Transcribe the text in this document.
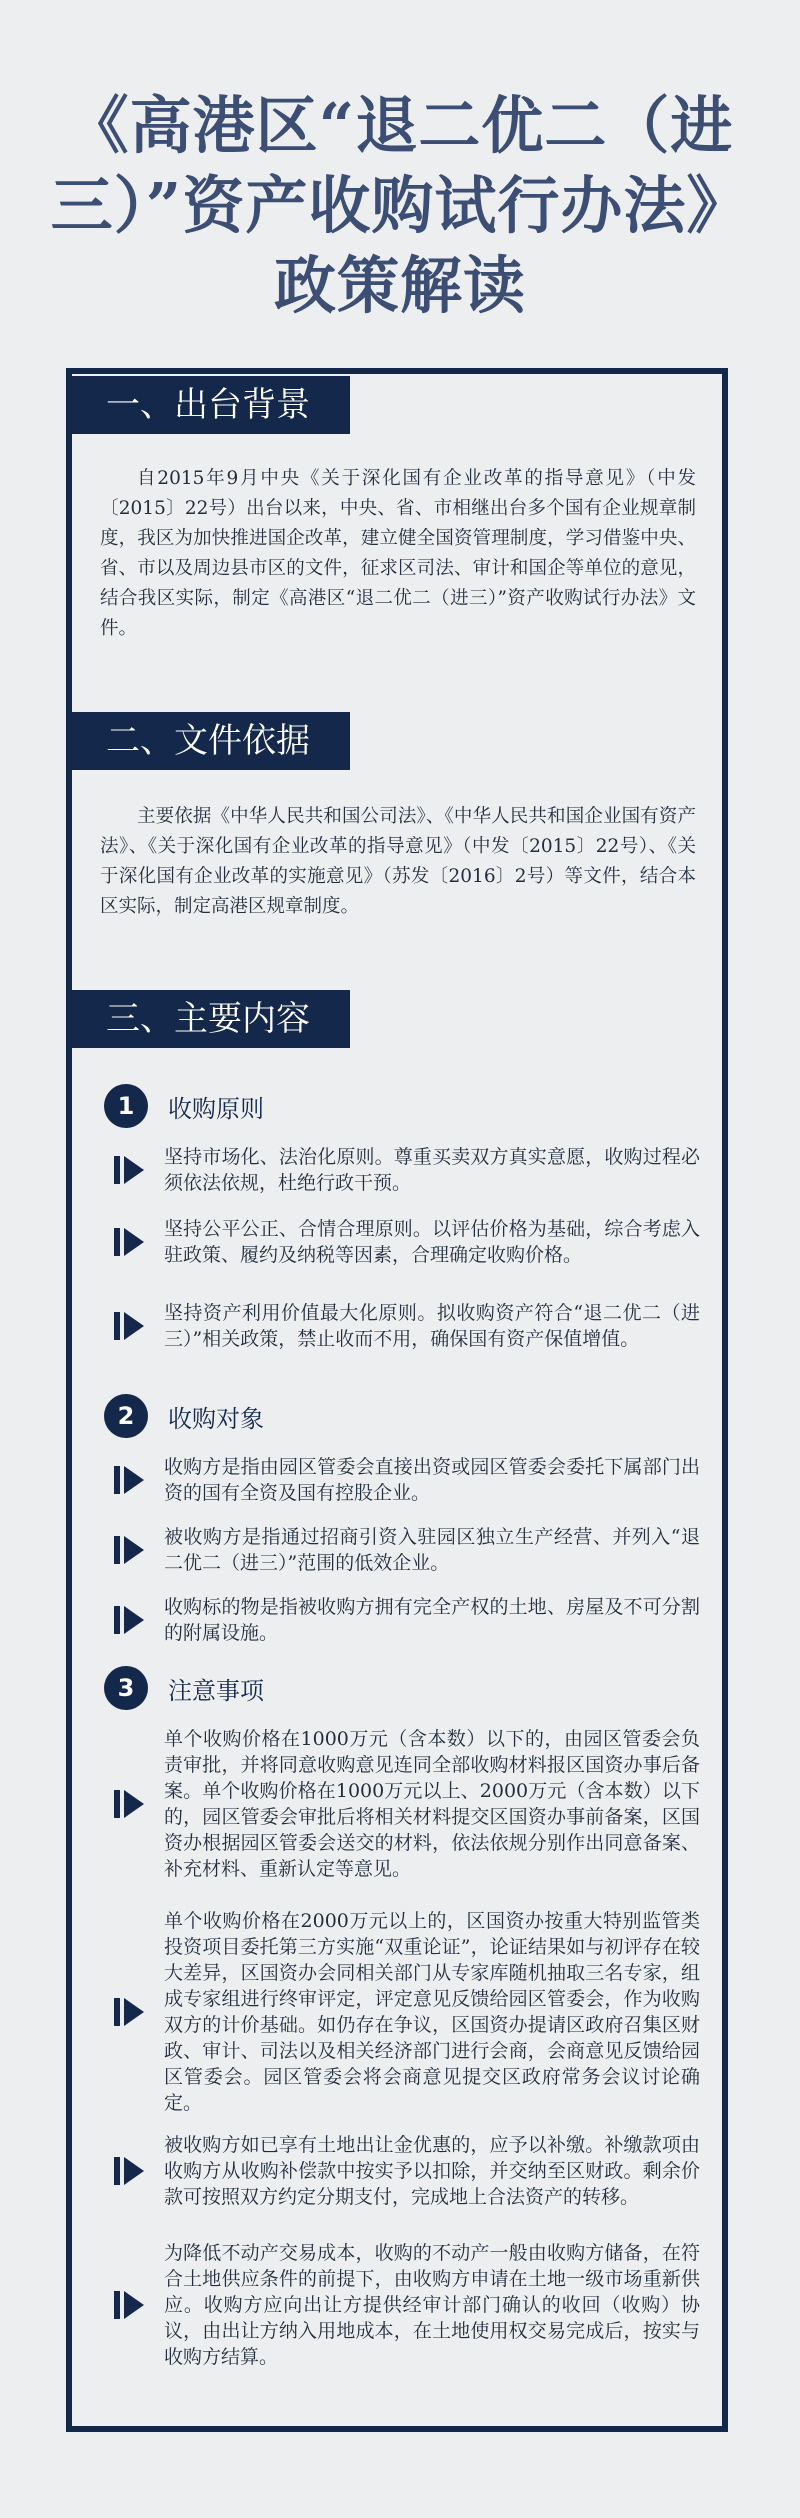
《高港区“退二优二（进三）”资产收购试行办法》政策解读
一、出台背景

自2015年9月中央《关于深化国有企业改革的指导意见》（中发〔2015〕22号）出台以来，中央、省、市相继出台多个国有企业规章制度，我区为加快推进国企改革，建立健全国资管理制度，学习借鉴中央、省、市以及周边县市区的文件，征求区司法、审计和国企等单位的意见，结合我区实际，制定《高港区“退二优二（进三）”资产收购试行办法》文件。

二、文件依据

主要依据《中华人民共和国公司法》、《中华人民共和国企业国有资产法》、《关于深化国有企业改革的指导意见》（中发〔2015〕22号）、《关于深化国有企业改革的实施意见》（苏发〔2016〕2号）等文件，结合本区实际，制定高港区规章制度。

三、主要内容
1	收购原则

坚持市场化、法治化原则。尊重买卖双方真实意愿，收购过程必须依法依规，杜绝行政干预。

坚持公平公正、合情合理原则。以评估价格为基础，综合考虑入驻政策、履约及纳税等因素，合理确定收购价格。

坚持资产利用价值最大化原则。拟收购资产符合“退二优二（进三）”相关政策，禁止收而不用，确保国有资产保值增值。

2	收购对象

收购方是指由园区管委会直接出资或园区管委会委托下属部门出资的国有全资及国有控股企业。

被收购方是指通过招商引资入驻园区独立生产经营、并列入“退二优二（进三）”范围的低效企业。

收购标的物是指被收购方拥有完全产权的土地、房屋及不可分割的附属设施。

3	注意事项

单个收购价格在1000万元（含本数）以下的，由园区管委会负责审批，并将同意收购意见连同全部收购材料报区国资办事后备案。单个收购价格在1000万元以上、2000万元（含本数）以下的，园区管委会审批后将相关材料提交区国资办事前备案，区国资办根据园区管委会送交的材料，依法依规分别作出同意备案、补充材料、重新认定等意见。

单个收购价格在2000万元以上的，区国资办按重大特别监管类投资项目委托第三方实施“双重论证”，论证结果如与初评存在较大差异，区国资办会同相关部门从专家库随机抽取三名专家，组成专家组进行终审评定，评定意见反馈给园区管委会，作为收购双方的计价基础。如仍存在争议，区国资办提请区政府召集区财政、审计、司法以及相关经济部门进行会商，会商意见反馈给园区管委会。园区管委会将会商意见提交区政府常务会议讨论确定。

被收购方如已享有土地出让金优惠的，应予以补缴。补缴款项由收购方从收购补偿款中按实予以扣除，并交纳至区财政。剩余价款可按照双方约定分期支付，完成地上合法资产的转移。

为降低不动产交易成本，收购的不动产一般由收购方储备，在符合土地供应条件的前提下，由收购方申请在土地一级市场重新供应。收购方应向出让方提供经审计部门确认的收回（收购）协议，由出让方纳入用地成本，在土地使用权交易完成后，按实与收购方结算。
